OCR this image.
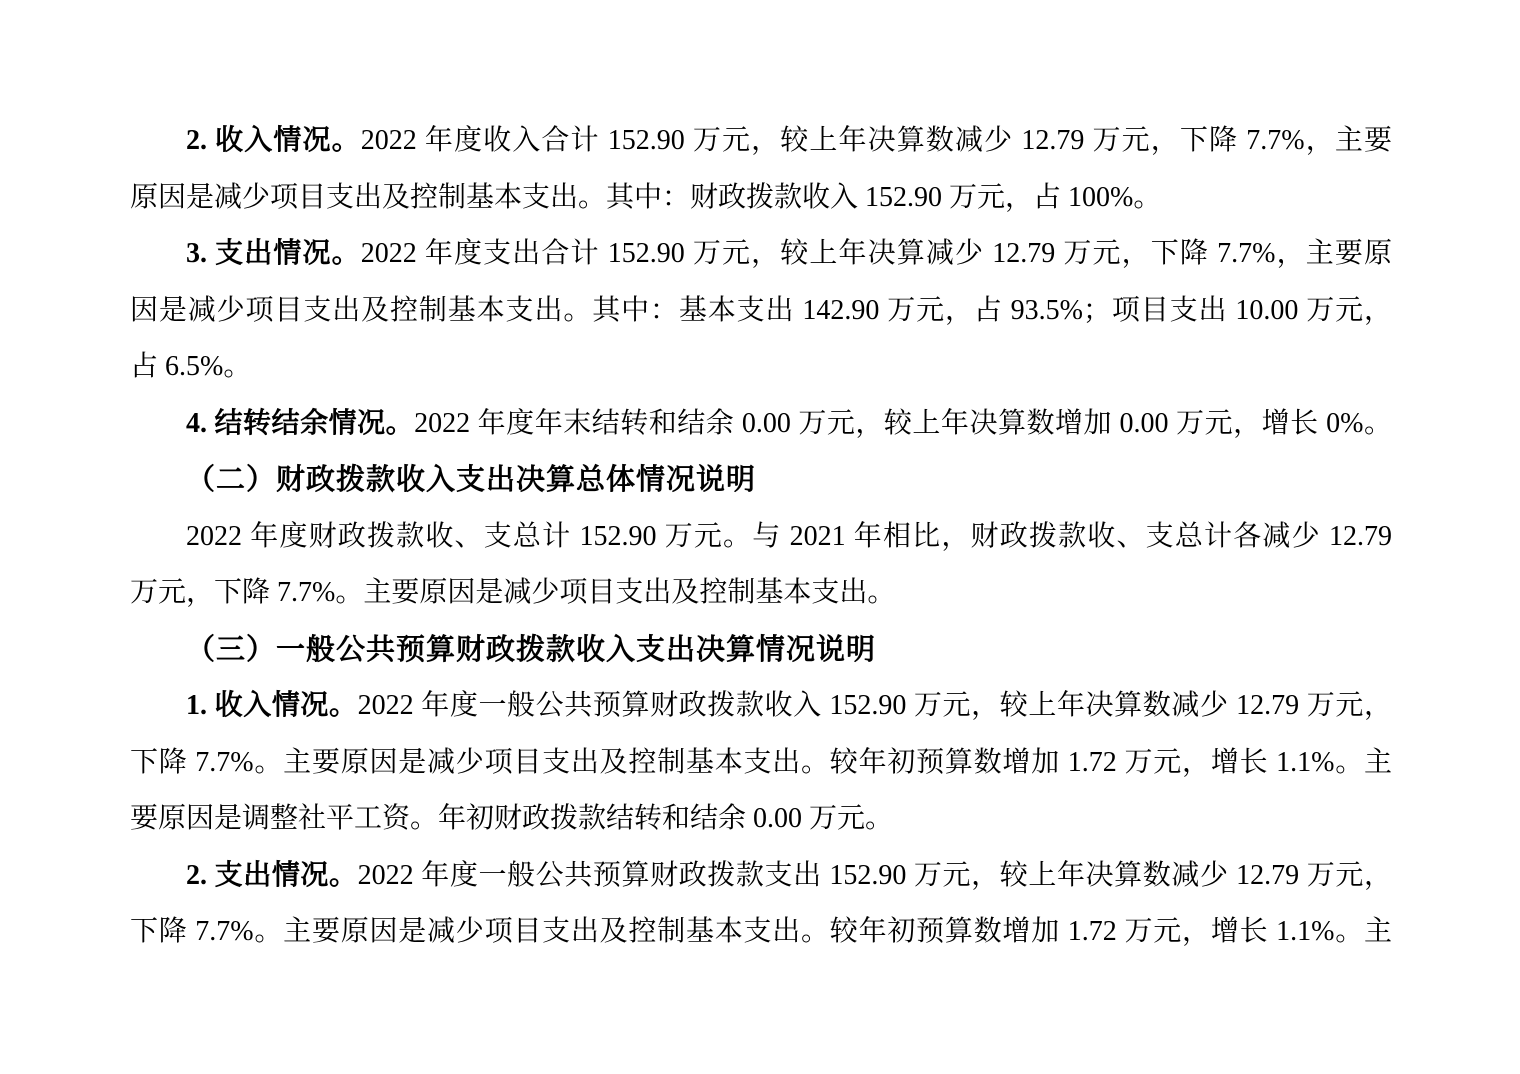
2. 收入情况。2022 年度收入合计 152.90 万元，较上年决算数减少 12.79 万元，下降 7.7%，主要
原因是减少项目支出及控制基本支出。其中：财政拨款收入 152.90 万元，占 100%。
3. 支出情况。2022 年度支出合计 152.90 万元，较上年决算减少 12.79 万元，下降 7.7%，主要原
因是减少项目支出及控制基本支出。其中：基本支出 142.90 万元，占 93.5%；项目支出 10.00 万元，
占 6.5%。
4. 结转结余情况。2022 年度年末结转和结余 0.00 万元，较上年决算数增加 0.00 万元，增长 0%。
（二）财政拨款收入支出决算总体情况说明
2022 年度财政拨款收、支总计 152.90 万元。与 2021 年相比，财政拨款收、支总计各减少 12.79
万元，下降 7.7%。主要原因是减少项目支出及控制基本支出。
（三）一般公共预算财政拨款收入支出决算情况说明
1. 收入情况。2022 年度一般公共预算财政拨款收入 152.90 万元，较上年决算数减少 12.79 万元，
下降 7.7%。主要原因是减少项目支出及控制基本支出。较年初预算数增加 1.72 万元，增长 1.1%。主
要原因是调整社平工资。年初财政拨款结转和结余 0.00 万元。
2. 支出情况。2022 年度一般公共预算财政拨款支出 152.90 万元，较上年决算数减少 12.79 万元，
下降 7.7%。主要原因是减少项目支出及控制基本支出。较年初预算数增加 1.72 万元，增长 1.1%。主
